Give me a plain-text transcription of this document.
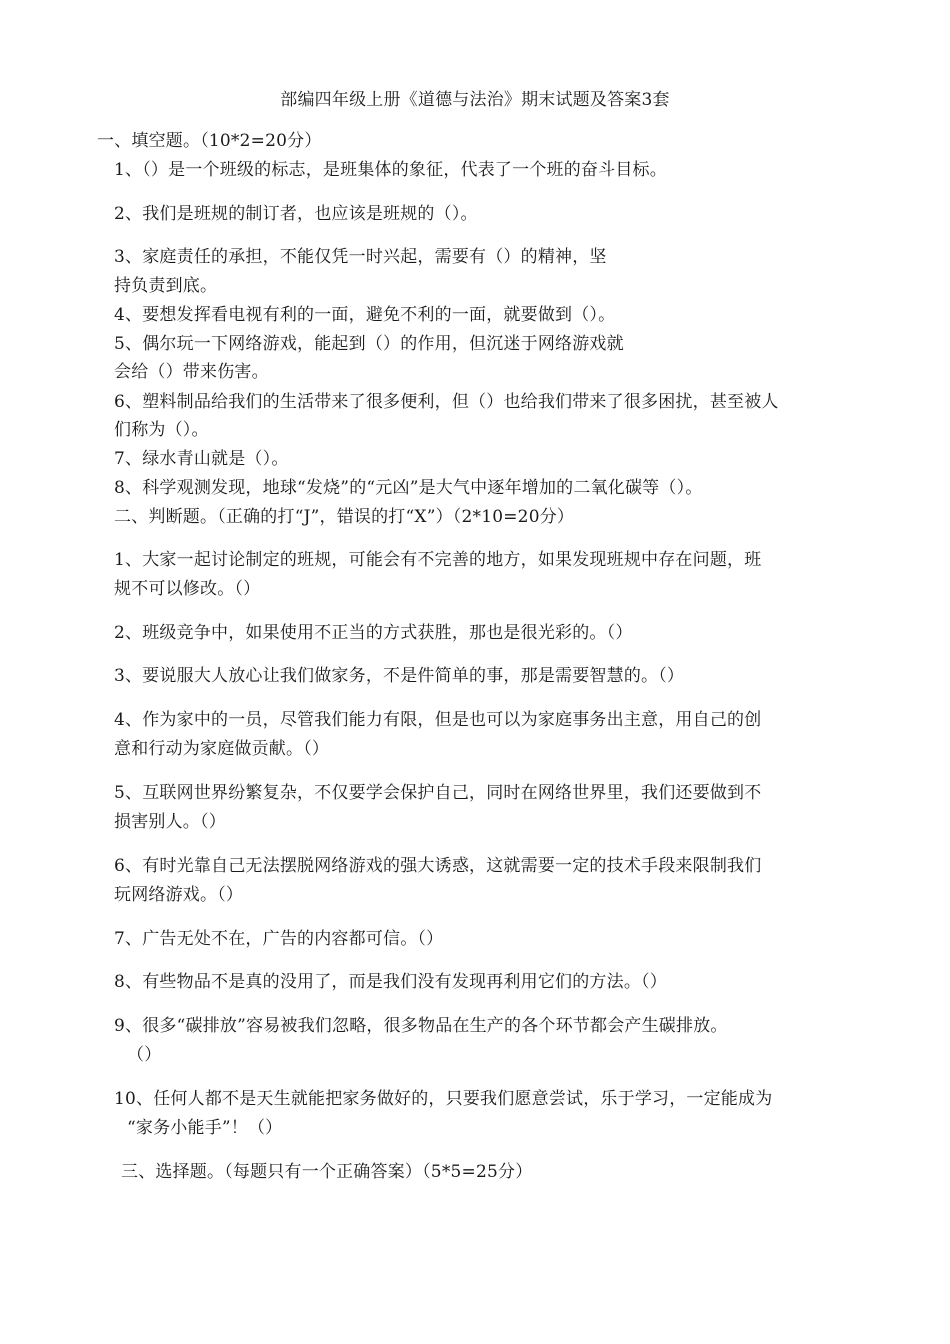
部编四年级上册《道德与法治》期末试题及答案3套
一、填空题。（10*2=20分）
1、（）是一个班级的标志，是班集体的象征，代表了一个班的奋斗目标。
2、我们是班规的制订者，也应该是班规的（）。
3、家庭责任的承担，不能仅凭一时兴起，需要有（）的精神，坚
持负责到底。
4、要想发挥看电视有利的一面，避免不利的一面，就要做到（）。
5、偶尔玩一下网络游戏，能起到（）的作用，但沉迷于网络游戏就
会给（）带来伤害。
6、塑料制品给我们的生活带来了很多便利，但（）也给我们带来了很多困扰，甚至被人
们称为（）。
7、绿水青山就是（）。
8、科学观测发现，地球“发烧”的“元凶”是大气中逐年增加的二氧化碳等（）。
二、判断题。（正确的打“J”，错误的打“X”）（2*10=20分）
1、大家一起讨论制定的班规，可能会有不完善的地方，如果发现班规中存在问题，班
规不可以修改。（）
2、班级竞争中，如果使用不正当的方式获胜，那也是很光彩的。（）
3、要说服大人放心让我们做家务，不是件简单的事，那是需要智慧的。（）
4、作为家中的一员，尽管我们能力有限，但是也可以为家庭事务出主意，用自己的创
意和行动为家庭做贡献。（）
5、互联网世界纷繁复杂，不仅要学会保护自己，同时在网络世界里，我们还要做到不
损害别人。（）
6、有时光靠自己无法摆脱网络游戏的强大诱惑，这就需要一定的技术手段来限制我们
玩网络游戏。（）
7、广告无处不在，广告的内容都可信。（）
8、有些物品不是真的没用了，而是我们没有发现再利用它们的方法。（）
9、很多“碳排放”容易被我们忽略，很多物品在生产的各个环节都会产生碳排放。
（）
10、任何人都不是天生就能把家务做好的，只要我们愿意尝试，乐于学习，一定能成为
“家务小能手”！（）
三、选择题。（每题只有一个正确答案）（5*5=25分）
